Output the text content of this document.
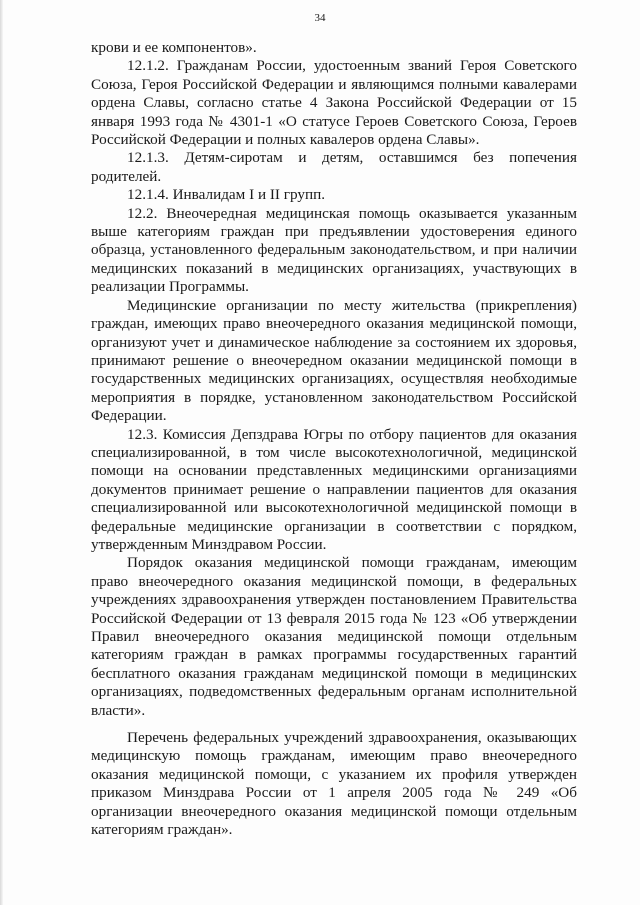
34

крови и ее компонентов».

12.1.2. Гражданам России, удостоенным званий Героя Советского Союза, Героя Российской Федерации и являющимся полными кавалерами ордена Славы, согласно статье 4 Закона Российской Федерации от 15 января 1993 года № 4301-1 «О статусе Героев Советского Союза, Героев Российской Федерации и полных кавалеров ордена Славы».

12.1.3. Детям-сиротам и детям, оставшимся без попечения родителей.

12.1.4. Инвалидам I и II групп.

12.2. Внеочередная медицинская помощь оказывается указанным выше категориям граждан при предъявлении удостоверения единого образца, установленного федеральным законодательством, и при наличии медицинских показаний в медицинских организациях, участвующих в реализации Программы.

Медицинские организации по месту жительства (прикрепления) граждан, имеющих право внеочередного оказания медицинской помощи, организуют учет и динамическое наблюдение за состоянием их здоровья, принимают решение о внеочередном оказании медицинской помощи в государственных медицинских организациях, осуществляя необходимые мероприятия в порядке, установленном законодательством Российской Федерации.

12.3. Комиссия Депздрава Югры по отбору пациентов для оказания специализированной, в том числе высокотехнологичной, медицинской помощи на основании представленных медицинскими организациями документов принимает решение о направлении пациентов для оказания специализированной или высокотехнологичной медицинской помощи в федеральные медицинские организации в соответствии с порядком, утвержденным Минздравом России.

Порядок оказания медицинской помощи гражданам, имеющим право внеочередного оказания медицинской помощи, в федеральных учреждениях здравоохранения утвержден постановлением Правительства Российской Федерации от 13 февраля 2015 года № 123 «Об утверждении Правил внеочередного оказания медицинской помощи отдельным категориям граждан в рамках программы государственных гарантий бесплатного оказания гражданам медицинской помощи в медицинских организациях, подведомственных федеральным органам исполнительной власти».

Перечень федеральных учреждений здравоохранения, оказывающих медицинскую помощь гражданам, имеющим право внеочередного оказания медицинской помощи, с указанием их профиля утвержден приказом Минздрава России от 1 апреля 2005 года № 249 «Об организации внеочередного оказания медицинской помощи отдельным категориям граждан».
